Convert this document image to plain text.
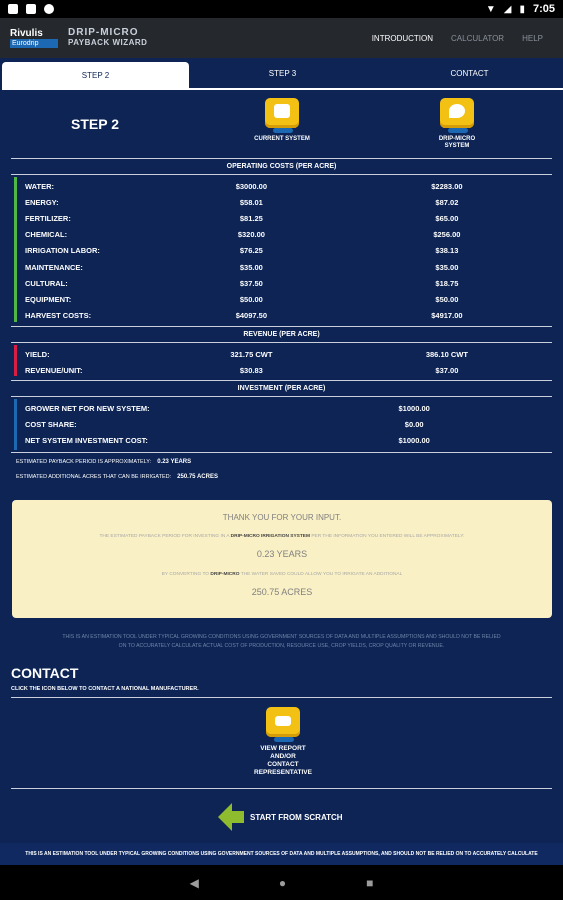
▼ ◢ ▮ 7:05
Rivulis
Eurodrip
DRIP-MICRO
PAYBACK WIZARD	INTRODUCTION CALCULATOR HELP
STEP 2	STEP 3	CONTACT
STEP 2
CURRENT SYSTEM	DRIP-MICRO
SYSTEM
OPERATING COSTS (PER ACRE)
WATER:	$3000.00	$2283.00
ENERGY:	$58.01	$87.02
FERTILIZER:	$81.25	$65.00
CHEMICAL:	$320.00	$256.00
IRRIGATION LABOR:	$76.25	$38.13
MAINTENANCE:	$35.00	$35.00
CULTURAL:	$37.50	$18.75
EQUIPMENT:	$50.00	$50.00
HARVEST COSTS:	$4097.50	$4917.00
REVENUE (PER ACRE)
YIELD:	321.75 CWT	386.10 CWT
REVENUE/UNIT:	$30.83	$37.00
INVESTMENT (PER ACRE)
GROWER NET FOR NEW SYSTEM:	$1000.00
COST SHARE:	$0.00
NET SYSTEM INVESTMENT COST:	$1000.00
ESTIMATED PAYBACK PERIOD IS APPROXIMATELY: 0.23 YEARS
ESTIMATED ADDITIONAL ACRES THAT CAN BE IRRIGATED: 250.75 ACRES
THANK YOU FOR YOUR INPUT.
THE ESTIMATED PAYBACK PERIOD FOR INVESTING IN A DRIP-MICRO IRRIGATION SYSTEM PER THE INFORMATION YOU ENTERED WILL BE APPROXIMATELY:
0.23 YEARS
BY CONVERTING TO DRIP-MICRO THE WATER SAVED COULD ALLOW YOU TO IRRIGATE AN ADDITIONAL
250.75 ACRES
THIS IS AN ESTIMATION TOOL UNDER TYPICAL GROWING CONDITIONS USING GOVERNMENT SOURCES OF DATA AND MULTIPLE ASSUMPTIONS AND SHOULD NOT BE RELIED
ON TO ACCURATELY CALCULATE ACTUAL COST OF PRODUCTION, RESOURCE USE, CROP YIELDS, CROP QUALITY OR REVENUE.
CONTACT
CLICK THE ICON BELOW TO CONTACT A NATIONAL MANUFACTURER.
VIEW REPORT
AND/OR
CONTACT
REPRESENTATIVE
START FROM SCRATCH
THIS IS AN ESTIMATION TOOL UNDER TYPICAL GROWING CONDITIONS USING GOVERNMENT SOURCES OF DATA AND MULTIPLE ASSUMPTIONS, AND SHOULD NOT BE RELIED ON TO ACCURATELY CALCULATE
◀	●	■
